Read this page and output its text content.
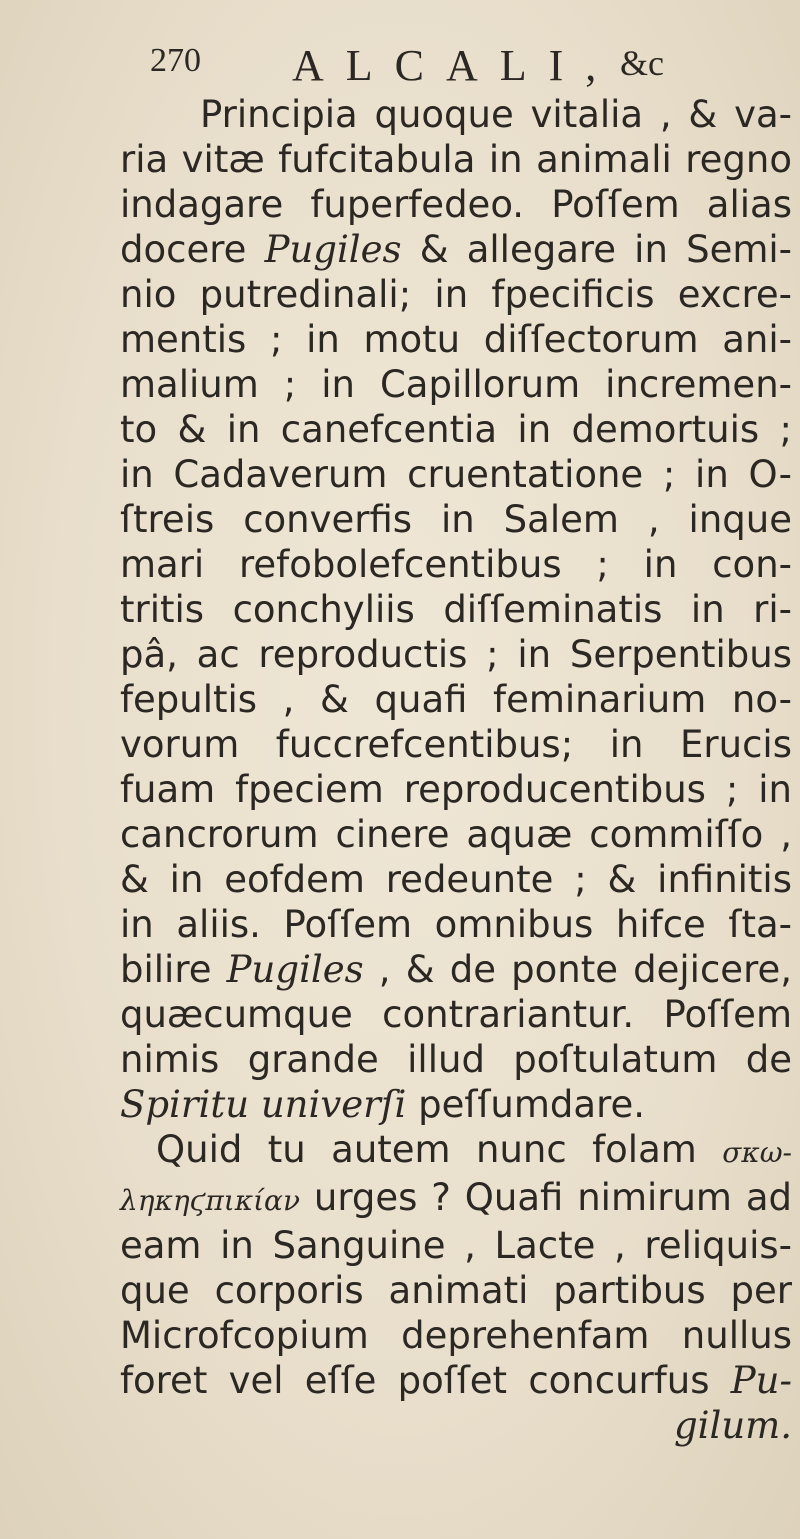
270 ALCALI, &c
Principia quoque vitalia , & va-
ria vitæ fufcitabula in animali regno
indagare fuperfedeo. Poſſem alias
docere Pugiles & allegare in Semi-
nio putredinali; in fpecificis excre-
mentis ; in motu diſſectorum ani-
malium ; in Capillorum incremen-
to & in canefcentia in demortuis ;
in Cadaverum cruentatione ; in O-
ſtreis converfis in Salem , inque
mari refobolefcentibus ; in con-
tritis conchyliis diſſeminatis in ri-
pâ, ac reproductis ; in Serpentibus
fepultis , & quafi feminarium no-
vorum fuccrefcentibus; in Erucis
fuam fpeciem reproducentibus ; in
cancrorum cinere aquæ commiſſo ,
& in eofdem redeunte ; & infinitis
in aliis. Poſſem omnibus hifce ſta-
bilire Pugiles , & de ponte dejicere,
quæcumque contrariantur. Poſſem
nimis grande illud poſtulatum de
Spiritu univerſi peſſumdare.
Quid tu autem nunc folam σκω-
ληκηϛπικίαν urges ? Quafi nimirum ad
eam in Sanguine , Lacte , reliquis-
que corporis animati partibus per
Microfcopium deprehenfam nullus
foret vel eſſe poſſet concurfus Pu-
gilum.
